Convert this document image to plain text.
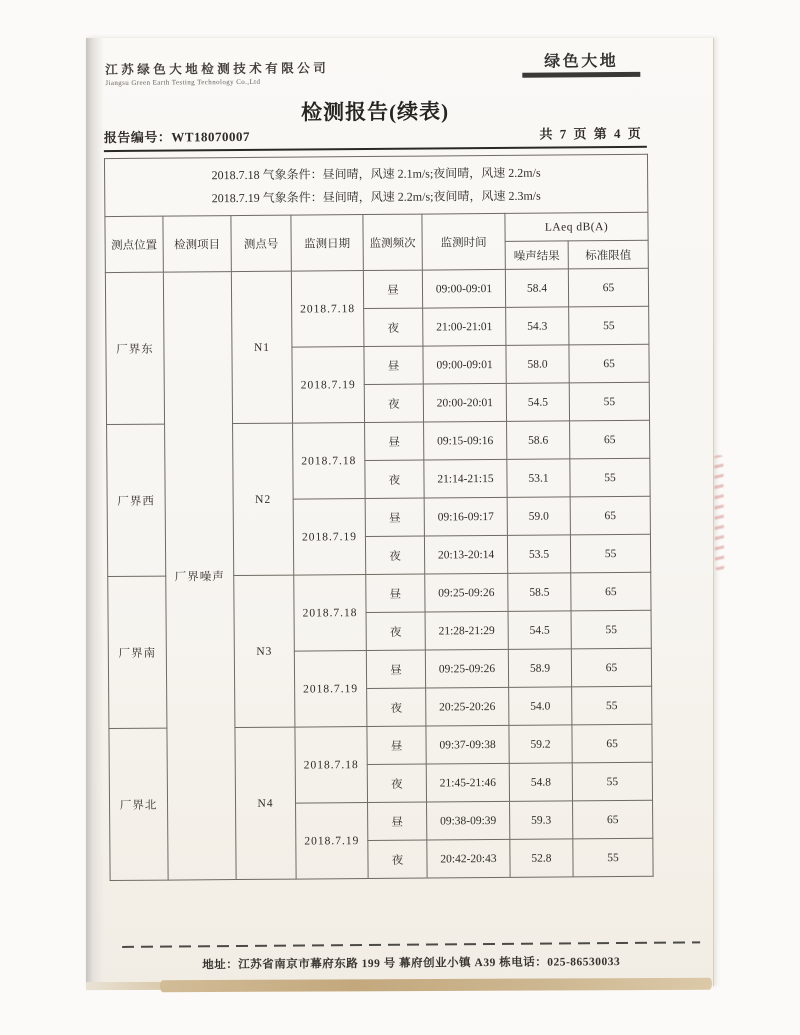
江苏绿色大地检测技术有限公司
Jiangsu Green Earth Testing Technology Co.,Ltd
绿色大地
检测报告(续表)
报告编号：WT18070007	共 7 页 第 4 页
2018.7.18 气象条件：昼间晴，风速 2.1m/s;夜间晴，风速 2.2m/s
2018.7.19 气象条件：昼间晴，风速 2.2m/s;夜间晴，风速 2.3m/s							

测点位置	检测项目	测点号	监测日期	监测频次	监测时间	LAeq dB(A)	
						噪声结果	标准限值
厂界东	厂界噪声	N1	2018.7.18	昼	09:00-09:01	58.4	65
				夜	21:00-21:01	54.3	55
			2018.7.19	昼	09:00-09:01	58.0	65
				夜	20:00-20:01	54.5	55
厂界西		N2	2018.7.18	昼	09:15-09:16	58.6	65
				夜	21:14-21:15	53.1	55
			2018.7.19	昼	09:16-09:17	59.0	65
				夜	20:13-20:14	53.5	55
厂界南		N3	2018.7.18	昼	09:25-09:26	58.5	65
				夜	21:28-21:29	54.5	55
			2018.7.19	昼	09:25-09:26	58.9	65
				夜	20:25-20:26	54.0	55
厂界北		N4	2018.7.18	昼	09:37-09:38	59.2	65
				夜	21:45-21:46	54.8	55
			2018.7.19	昼	09:38-09:39	59.3	65
				夜	20:42-20:43	52.8	55
地址：江苏省南京市幕府东路 199 号 幕府创业小镇 A39 栋电话：025-86530033
